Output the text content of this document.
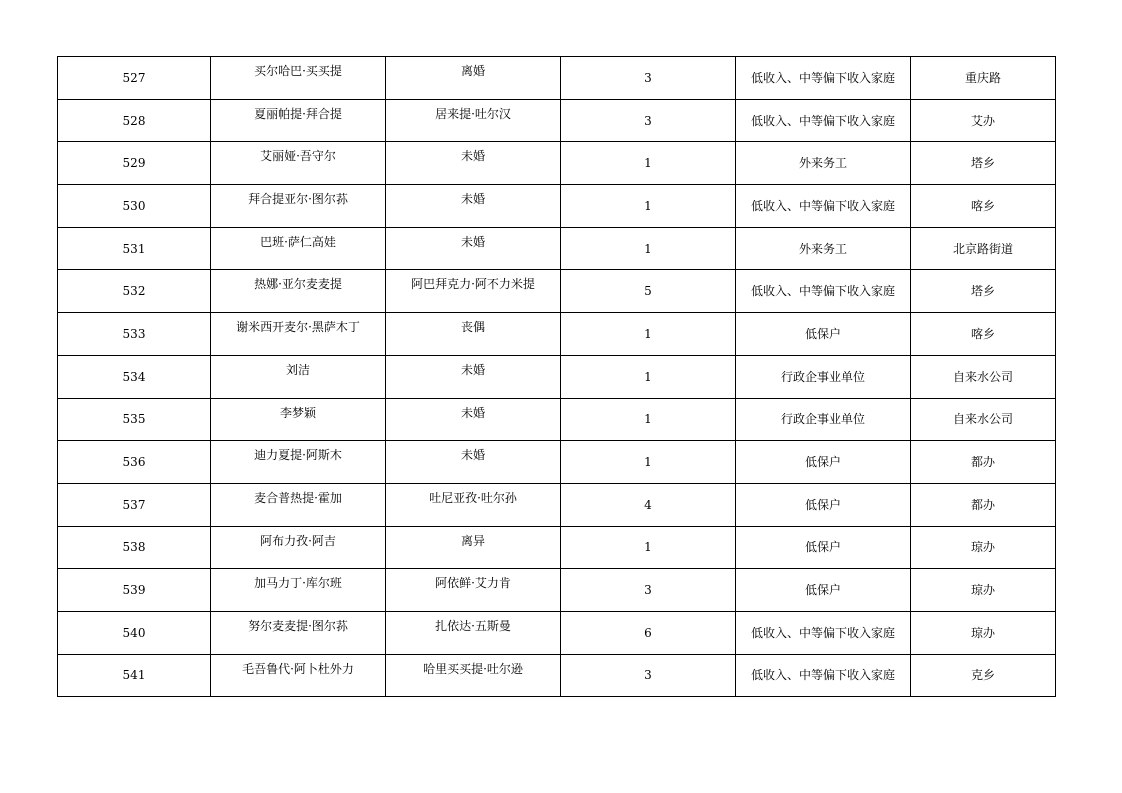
527	买尔哈巴·买买提	离婚	3	低收入、中等偏下收入家庭	重庆路
528	夏丽帕提·拜合提	居来提·吐尔汉	3	低收入、中等偏下收入家庭	艾办
529	艾丽娅·吾守尔	未婚	1	外来务工	塔乡
530	拜合提亚尔·图尔荪	未婚	1	低收入、中等偏下收入家庭	喀乡
531	巴班·萨仁高娃	未婚	1	外来务工	北京路街道
532	热娜·亚尔麦麦提	阿巴拜克力·阿不力米提	5	低收入、中等偏下收入家庭	塔乡
533	谢米西开麦尔·黑萨木丁	丧偶	1	低保户	喀乡
534	刘洁	未婚	1	行政企事业单位	自来水公司
535	李梦颖	未婚	1	行政企事业单位	自来水公司
536	迪力夏提·阿斯木	未婚	1	低保户	都办
537	麦合普热提·霍加	吐尼亚孜·吐尔孙	4	低保户	都办
538	阿布力孜·阿吉	离异	1	低保户	琼办
539	加马力丁·库尔班	阿依鲜·艾力肯	3	低保户	琼办
540	努尔麦麦提·图尔荪	扎依达·五斯曼	6	低收入、中等偏下收入家庭	琼办
541	毛吾鲁代·阿卜杜外力	哈里买买提·吐尔逊	3	低收入、中等偏下收入家庭	克乡
